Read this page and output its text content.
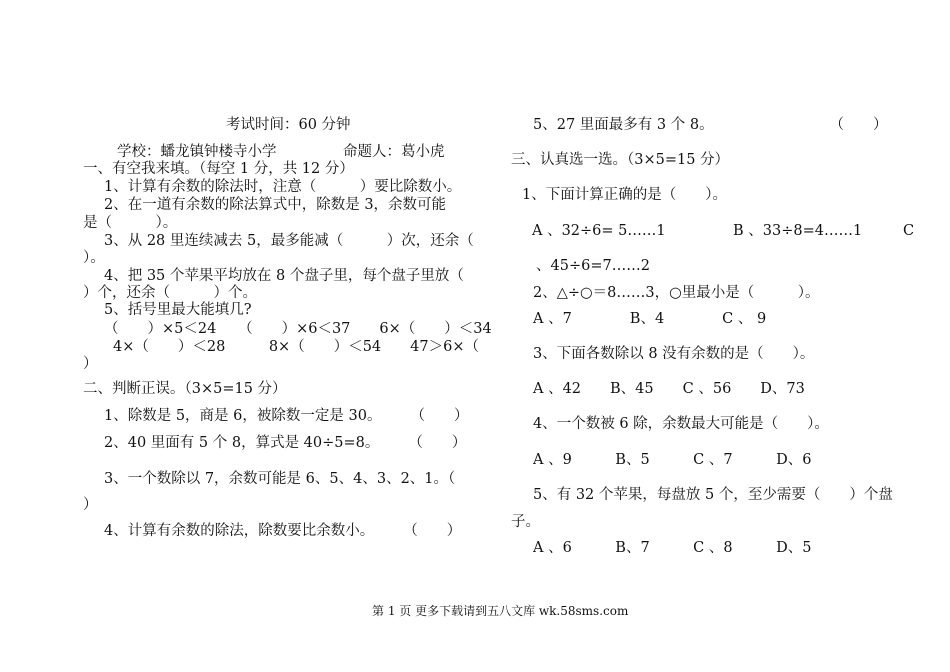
考试时间：60 分钟
学校：蟠龙镇钟楼寺小学	命题人：葛小虎
一、有空我来填。（每空 1 分，共 12 分）
1、计算有余数的除法时，注意（　　　）要比除数小。
2、在一道有余数的除法算式中，除数是 3，余数可能
是（　　　）。
3、从 28 里连续减去 5，最多能减（　　　）次，还余（
）。
4、把 35 个苹果平均放在 8 个盘子里，每个盘子里放（
）个，还余（　　　）个。
5、括号里最大能填几?
（　　）×5＜24　　（　　）×6＜37　　6×（　　）＜34
4×（　　）＜28　　　8×（　　）＜54　　47＞6×（
）
二、判断正误。（3×5=15 分）
1、除数是 5，商是 6，被除数一定是 30。　　　（　　）
2、40 里面有 5 个 8，算式是 40÷5=8。　　　（　　）
3、一个数除以 7，余数可能是 6、5、4、3、2、1。（
）
4、计算有余数的除法，除数要比余数小。　　　（　　）
5、27 里面最多有 3 个 8。　　　　　　　　　（　　）
三、认真选一选。（3×5=15 分）
1、下面计算正确的是（　　）。
A 、32÷6= 5……1	B 、33÷8=4……1	C
、45÷6=7……2
2、△÷○＝8……3，○里最小是（　　　）。
A 、7　　　　B、4　　　　C 、 9
3、下面各数除以 8 没有余数的是（　　）。
A 、42　　B、45　　C 、56　　D、73
4、一个数被 6 除，余数最大可能是（　　）。
A 、9　　　B、5　　　C 、7　　　D、6
5、有 32 个苹果，每盘放 5 个，至少需要（　　）个盘
子。
A 、6　　　B、7　　　C 、8　　　D、5
第 1 页 更多下载请到五八文库 wk.58sms.com
